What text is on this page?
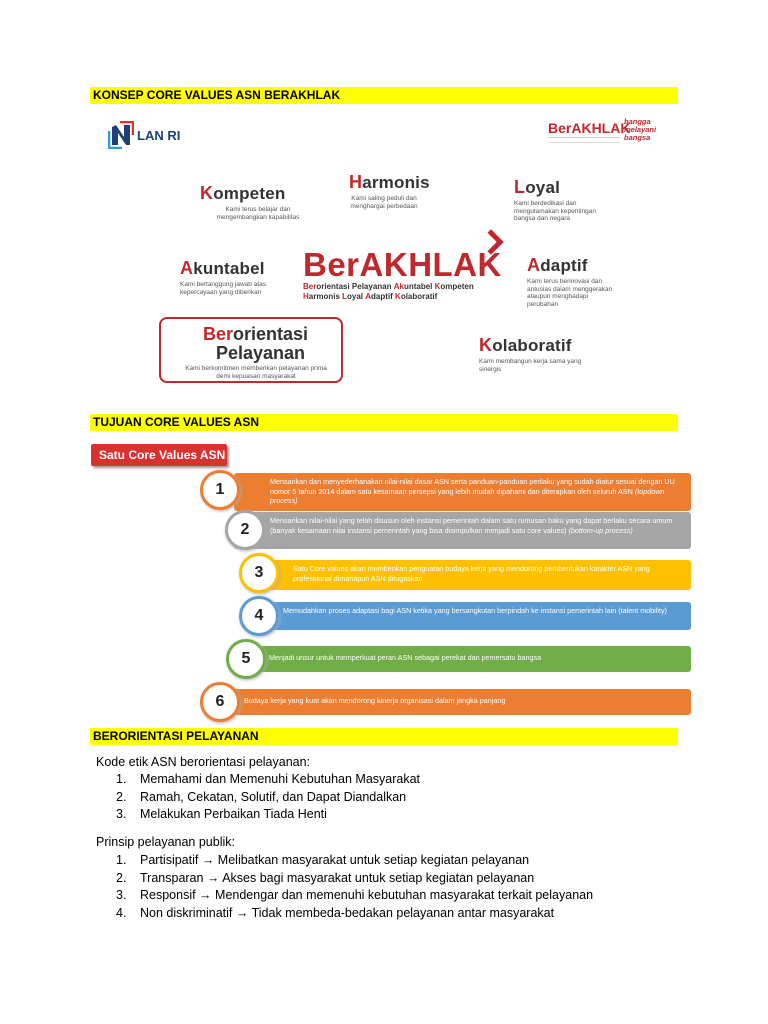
KONSEP CORE VALUES ASN BERAKHLAK
LAN RI	BerAKHLAK
bangga melayani bangsa
Kompeten
Kami terus belajar dan mengembangkan kapabilitas
Harmonis
Kami saling peduli dan menghargai perbedaan
Loyal
Kami berdedikasi dan mengutamakan kepentingan bangsa dan negara
Akuntabel
Kami bertanggung jawab atas kepercayaan yang diberikan
BerAKHLAK
Berorientasi Pelayanan Akuntabel Kompeten
Harmonis Loyal Adaptif Kolaboratif
Adaptif
Kami terus berinovasi dan antusias dalam menggerakan ataupun menghadapi perubahan
Berorientasi
Pelayanan
Kami berkomitmen memberikan pelayanan prima demi kepuasan masyarakat
Kolaboratif
Kami membangun kerja sama yang sinergis
TUJUAN CORE VALUES ASN
Satu Core Values ASN
Mensarikan dan menyederhanakan nilai-nilai dasar ASN serta panduan-panduan perilaku yang sudah diatur sesuai dengan UU nomor 5 tahun 2014 dalam satu kesamaan persepsi yang lebih mudah dipahami dan diterapkan oleh seluruh ASN (topdown process)
1
Mensarikan nilai-nilai yang telah disusun oleh instansi pemerintah dalam satu rumusan baku yang dapat berlaku secara umum (banyak kesamaan nilai instansi pemerintah yang bisa disimpulkan menjadi satu core values) (bottom-up process)
2
Satu Core values akan memberikan penguatan budaya kerja yang mendorong pembentukan karakter ASN yang professional dimanapun ASN ditugaskan
3
Memudahkan proses adaptasi bagi ASN ketika yang bersangkutan berpindah ke instansi pemerintah lain (talent mobility)
4
Menjadi unsur untuk memperkuat peran ASN sebagai perekat dan pemersatu bangsa
5
Budaya kerja yang kuat akan mendorong kinerja organisasi dalam jangka panjang
6
BERORIENTASI PELAYANAN
Kode etik ASN berorientasi pelayanan:
1. Memahami dan Memenuhi Kebutuhan Masyarakat
2. Ramah, Cekatan, Solutif, dan Dapat Diandalkan
3. Melakukan Perbaikan Tiada Henti
Prinsip pelayanan publik:
1. Partisipatif → Melibatkan masyarakat untuk setiap kegiatan pelayanan
2. Transparan → Akses bagi masyarakat untuk setiap kegiatan pelayanan
3. Responsif → Mendengar dan memenuhi kebutuhan masyarakat terkait pelayanan
4. Non diskriminatif → Tidak membeda-bedakan pelayanan antar masyarakat
